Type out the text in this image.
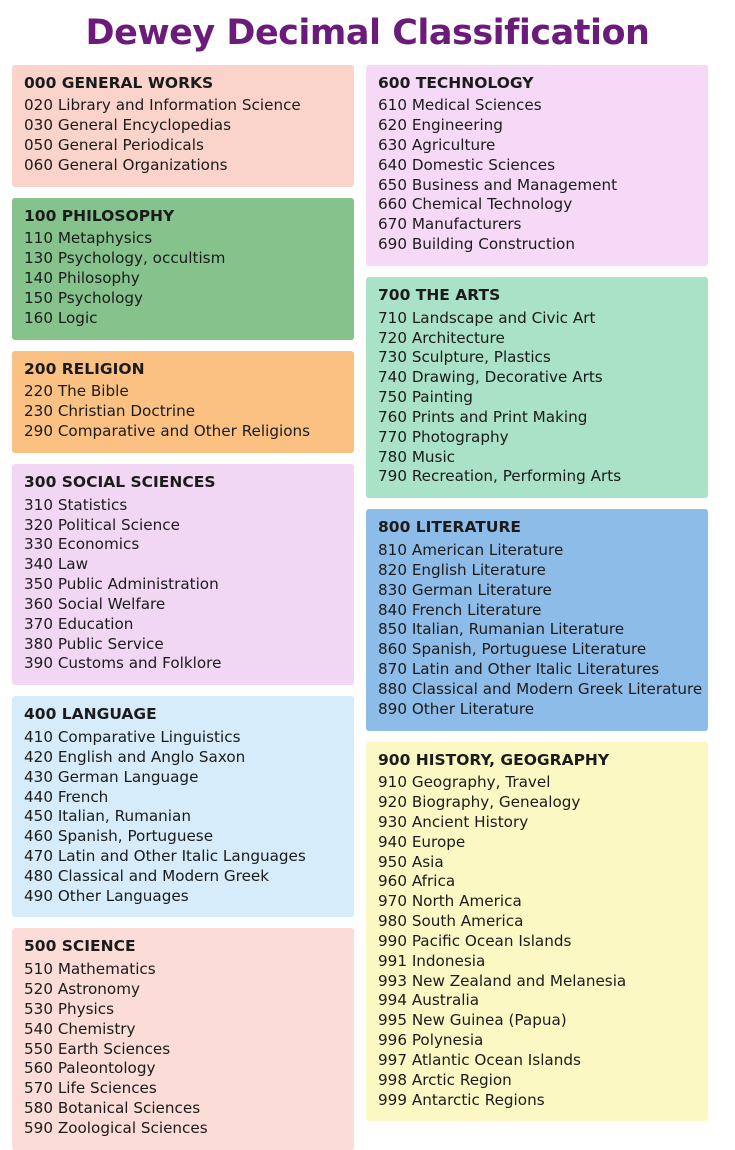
Dewey Decimal Classification
000 GENERAL WORKS
020 Library and Information Science
030 General Encyclopedias
050 General Periodicals
060 General Organizations
100 PHILOSOPHY
110 Metaphysics
130 Psychology, occultism
140 Philosophy
150 Psychology
160 Logic
200 RELIGION
220 The Bible
230 Christian Doctrine
290 Comparative and Other Religions
300 SOCIAL SCIENCES
310 Statistics
320 Political Science
330 Economics
340 Law
350 Public Administration
360 Social Welfare
370 Education
380 Public Service
390 Customs and Folklore
400 LANGUAGE
410 Comparative Linguistics
420 English and Anglo Saxon
430 German Language
440 French
450 Italian, Rumanian
460 Spanish, Portuguese
470 Latin and Other Italic Languages
480 Classical and Modern Greek
490 Other Languages
500 SCIENCE
510 Mathematics
520 Astronomy
530 Physics
540 Chemistry
550 Earth Sciences
560 Paleontology
570 Life Sciences
580 Botanical Sciences
590 Zoological Sciences
600 TECHNOLOGY
610 Medical Sciences
620 Engineering
630 Agriculture
640 Domestic Sciences
650 Business and Management
660 Chemical Technology
670 Manufacturers
690 Building Construction
700 THE ARTS
710 Landscape and Civic Art
720 Architecture
730 Sculpture, Plastics
740 Drawing, Decorative Arts
750 Painting
760 Prints and Print Making
770 Photography
780 Music
790 Recreation, Performing Arts
800 LITERATURE
810 American Literature
820 English Literature
830 German Literature
840 French Literature
850 Italian, Rumanian Literature
860 Spanish, Portuguese Literature
870 Latin and Other Italic Literatures
880 Classical and Modern Greek Literature
890 Other Literature
900 HISTORY, GEOGRAPHY
910 Geography, Travel
920 Biography, Genealogy
930 Ancient History
940 Europe
950 Asia
960 Africa
970 North America
980 South America
990 Pacific Ocean Islands
991 Indonesia
993 New Zealand and Melanesia
994 Australia
995 New Guinea (Papua)
996 Polynesia
997 Atlantic Ocean Islands
998 Arctic Region
999 Antarctic Regions
